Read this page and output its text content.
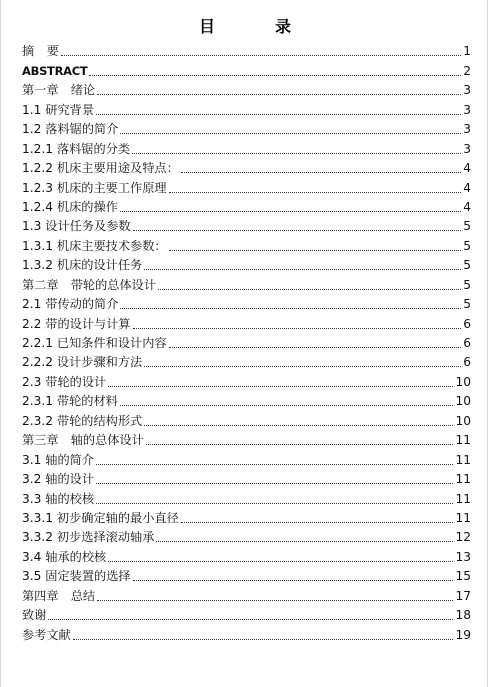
目　录
摘　要	1
ABSTRACT	2
第一章　绪论	3
1.1 研究背景	3
1.2 落料锯的简介	3
1.2.1 落料锯的分类	3
1.2.2 机床主要用途及特点：	4
1.2.3 机床的主要工作原理	4
1.2.4 机床的操作	4
1.3 设计任务及参数	5
1.3.1 机床主要技术参数：	5
1.3.2 机床的设计任务	5
第二章　带轮的总体设计	5
2.1 带传动的简介	5
2.2 带的设计与计算	6
2.2.1 已知条件和设计内容	6
2.2.2 设计步骤和方法	6
2.3 带轮的设计	10
2.3.1 带轮的材料	10
2.3.2 带轮的结构形式	10
第三章　轴的总体设计	11
3.1 轴的简介	11
3.2 轴的设计	11
3.3 轴的校核	11
3.3.1 初步确定轴的最小直径	11
3.3.2 初步选择滚动轴承	12
3.4 轴承的校核	13
3.5 固定装置的选择	15
第四章　总结	17
致谢	18
参考文献	19
